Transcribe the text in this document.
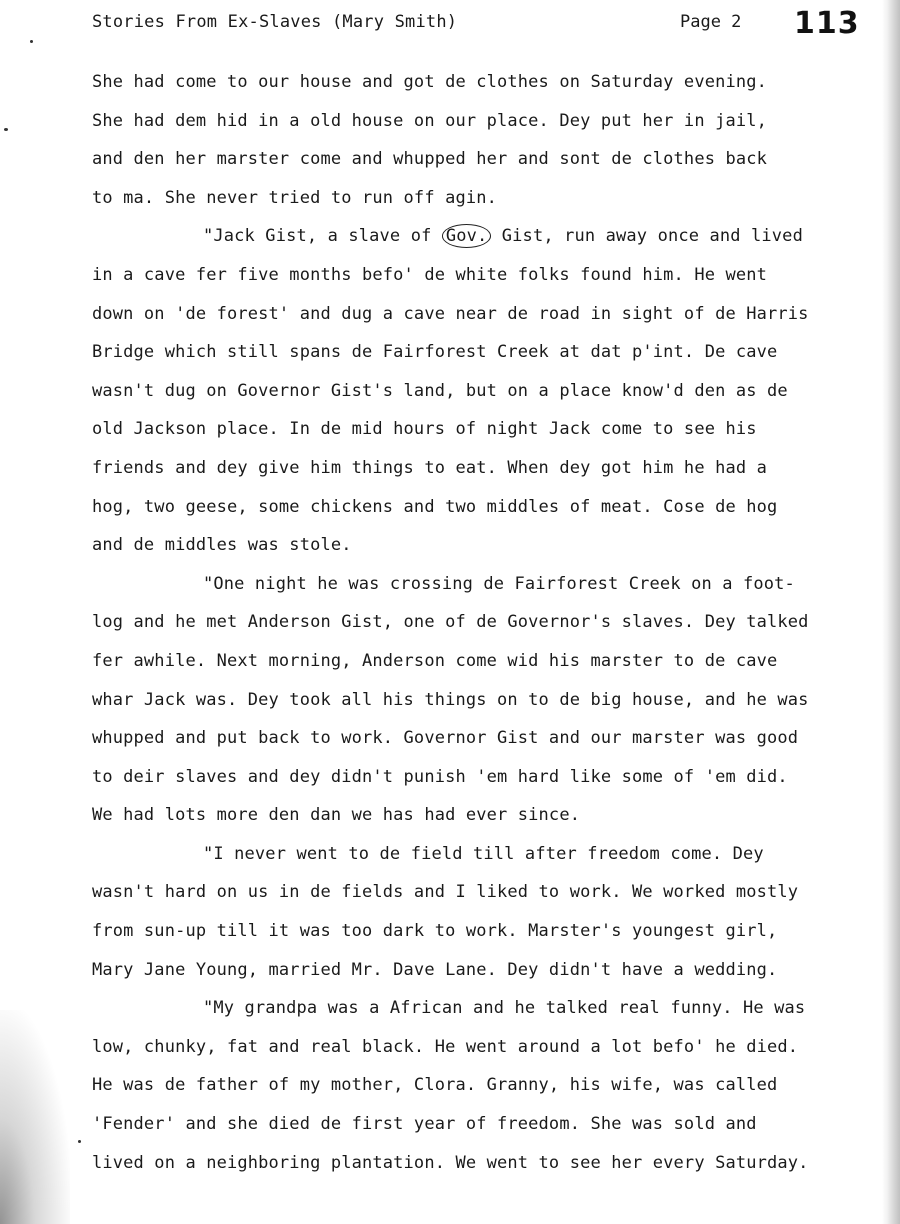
Stories From Ex-Slaves (Mary Smith)	Page 2 113
She had come to our house and got de clothes on Saturday evening.
She had dem hid in a old house on our place. Dey put her in jail,
and den her marster come and whupped her and sont de clothes back
to ma. She never tried to run off agin.
"Jack Gist, a slave of Gov. Gist, run away once and lived
in a cave fer five months befo' de white folks found him. He went
down on 'de forest' and dug a cave near de road in sight of de Harris
Bridge which still spans de Fairforest Creek at dat p'int. De cave
wasn't dug on Governor Gist's land, but on a place know'd den as de
old Jackson place. In de mid hours of night Jack come to see his
friends and dey give him things to eat. When dey got him he had a
hog, two geese, some chickens and two middles of meat. Cose de hog
and de middles was stole.
"One night he was crossing de Fairforest Creek on a foot-
log and he met Anderson Gist, one of de Governor's slaves. Dey talked
fer awhile. Next morning, Anderson come wid his marster to de cave
whar Jack was. Dey took all his things on to de big house, and he was
whupped and put back to work. Governor Gist and our marster was good
to deir slaves and dey didn't punish 'em hard like some of 'em did.
We had lots more den dan we has had ever since.
"I never went to de field till after freedom come. Dey
wasn't hard on us in de fields and I liked to work. We worked mostly
from sun-up till it was too dark to work. Marster's youngest girl,
Mary Jane Young, married Mr. Dave Lane. Dey didn't have a wedding.
"My grandpa was a African and he talked real funny. He was
low, chunky, fat and real black. He went around a lot befo' he died.
He was de father of my mother, Clora. Granny, his wife, was called
'Fender' and she died de first year of freedom. She was sold and
lived on a neighboring plantation. We went to see her every Saturday.
